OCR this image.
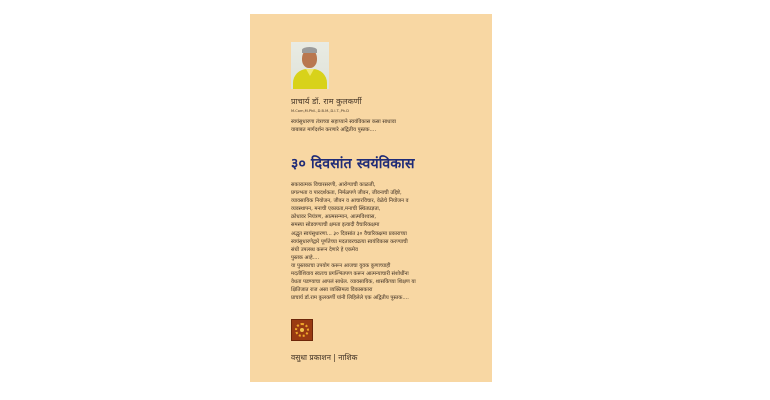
प्राचार्य डॉ. राम कुलकर्णी
M.Com,M.Phil.,D.B.M.,D.I.T.,Ph.D
स्वयंसुधारणा तंत्राच्या सहाय्याने स्वयंविकास कसा साधावा
याबाबत मार्गदर्शन करणारे अद्वितीय पुस्तक....
३० दिवसांत स्वयंविकास
सकारात्मक विचारसरणी, आरोग्याची काळजी,
प्रगल्भता व पारदर्शकता, निर्मळपणे जीवन, जीवनाची उद्दिष्टे,
व्यावसायिक नियोजन, जीवन व आचारविचार, वेळेचे नियोजन व
व्यवस्थापन, मनाची एकाग्रता,मनाची स्थितप्रज्ञता,
क्रोधावर नियंत्रण, आत्मसन्मान, आत्मविश्वास,
समस्या सोडवण्याची क्षमता इत्यादी वैचारिकक्षमा
अद्भुत स्वयंसुधारणा... ३० दिवसांत ३० वैचारिकक्षमा प्रकाराच्या
स्वयंसुधारणेद्वारे पूर्णतेच्या मदतावरचढत्या स्वयंविकास करण्याची
संधी उपलब्ध करून देणारे हे एकमेव
पुस्तक आहे....
या पुस्तकाचा उपयोग करून आजचा युवक कुणाच्याही
मदतीशिवाय स्वतःच प्रगल्भितपण करून आत्मन्याचारी संशोधींना
वेधता पडण्याचा आपलं साधेल. व्यावसायिक, शासकिच्या शिक्षण या
क्षितिजात राज असा व्यक्तिमत्व विकासकारा
प्राचार्य डॉ.राम कुलकर्णी यांनी लिहिलेले एक अद्वितीय पुस्तक....
वसुधा प्रकाशन | नाशिक
